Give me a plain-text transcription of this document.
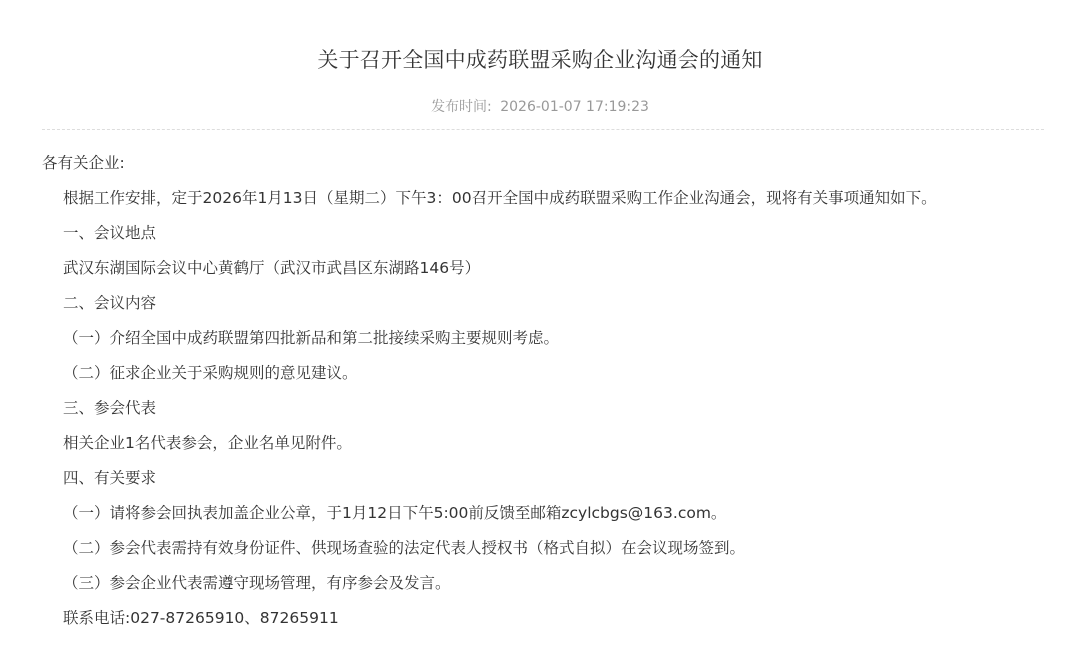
关于召开全国中成药联盟采购企业沟通会的通知
发布时间: 2026-01-07 17:19:23
各有关企业:
根据工作安排，定于2026年1月13日（星期二）下午3：00召开全国中成药联盟采购工作企业沟通会，现将有关事项通知如下。
一、会议地点
武汉东湖国际会议中心黄鹤厅（武汉市武昌区东湖路146号）
二、会议内容
（一）介绍全国中成药联盟第四批新品和第二批接续采购主要规则考虑。
（二）征求企业关于采购规则的意见建议。
三、参会代表
相关企业1名代表参会，企业名单见附件。
四、有关要求
（一）请将参会回执表加盖企业公章，于1月12日下午5:00前反馈至邮箱zcylcbgs@163.com。
（二）参会代表需持有效身份证件、供现场查验的法定代表人授权书（格式自拟）在会议现场签到。
（三）参会企业代表需遵守现场管理，有序参会及发言。
联系电话:027-87265910、87265911
